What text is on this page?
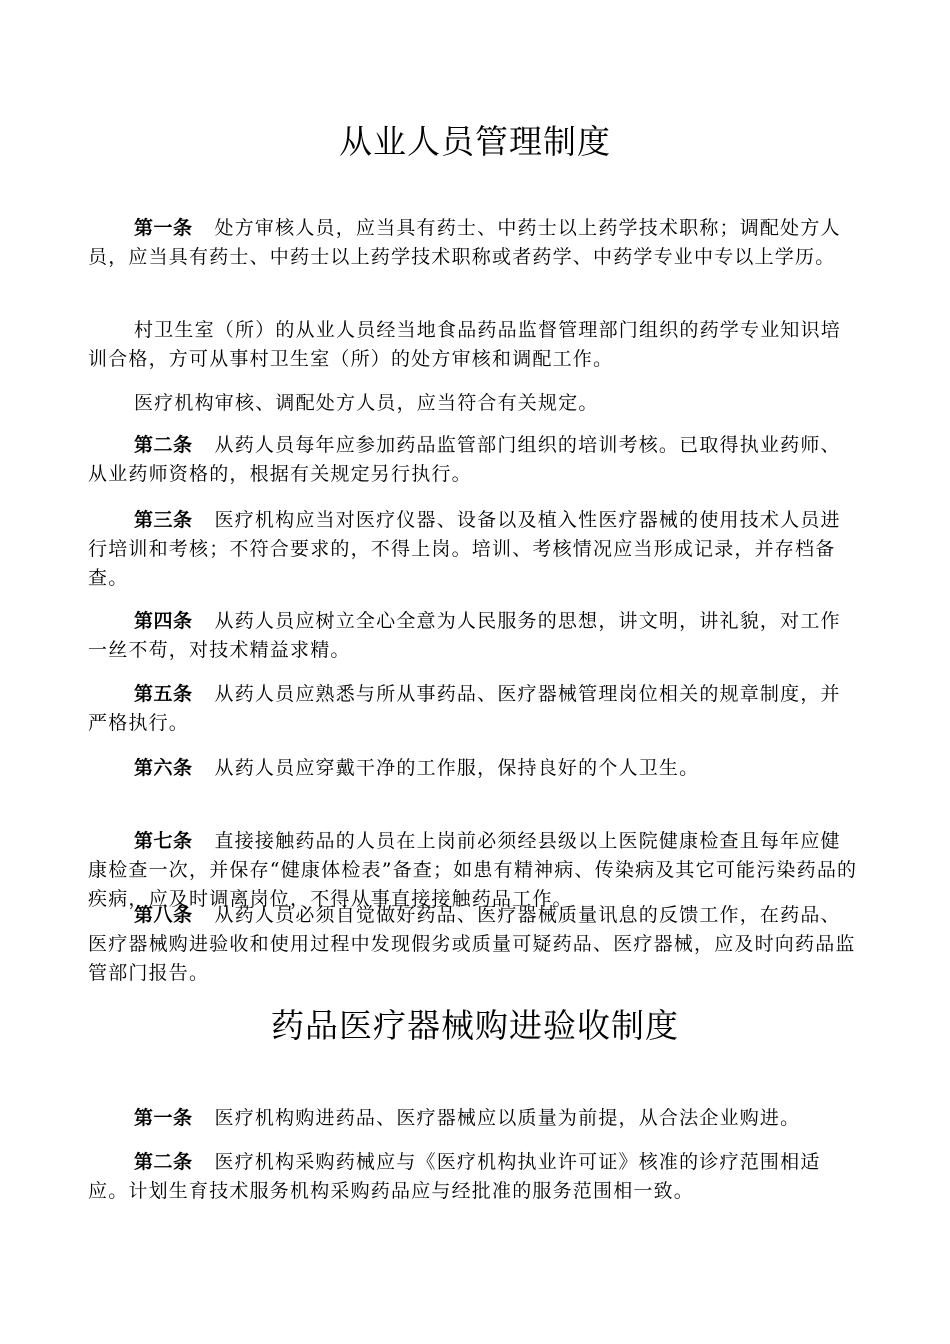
从业人员管理制度

第一条 处方审核人员，应当具有药士、中药士以上药学技术职称；调配处方人员，应当具有药士、中药士以上药学技术职称或者药学、中药学专业中专以上学历。

村卫生室（所）的从业人员经当地食品药品监督管理部门组织的药学专业知识培训合格，方可从事村卫生室（所）的处方审核和调配工作。

医疗机构审核、调配处方人员，应当符合有关规定。

第二条 从药人员每年应参加药品监管部门组织的培训考核。已取得执业药师、从业药师资格的，根据有关规定另行执行。

第三条 医疗机构应当对医疗仪器、设备以及植入性医疗器械的使用技术人员进行培训和考核；不符合要求的，不得上岗。培训、考核情况应当形成记录，并存档备查。

第四条 从药人员应树立全心全意为人民服务的思想，讲文明，讲礼貌，对工作一丝不苟，对技术精益求精。

第五条 从药人员应熟悉与所从事药品、医疗器械管理岗位相关的规章制度，并严格执行。

第六条 从药人员应穿戴干净的工作服，保持良好的个人卫生。

第七条 直接接触药品的人员在上岗前必须经县级以上医院健康检查且每年应健康检查一次，并保存“健康体检表”备查；如患有精神病、传染病及其它可能污染药品的疾病，应及时调离岗位，不得从事直接接触药品工作。

第八条 从药人员必须自觉做好药品、医疗器械质量讯息的反馈工作，在药品、医疗器械购进验收和使用过程中发现假劣或质量可疑药品、医疗器械，应及时向药品监管部门报告。

药品医疗器械购进验收制度

第一条 医疗机构购进药品、医疗器械应以质量为前提，从合法企业购进。

第二条 医疗机构采购药械应与《医疗机构执业许可证》核准的诊疗范围相适应。计划生育技术服务机构采购药品应与经批准的服务范围相一致。
